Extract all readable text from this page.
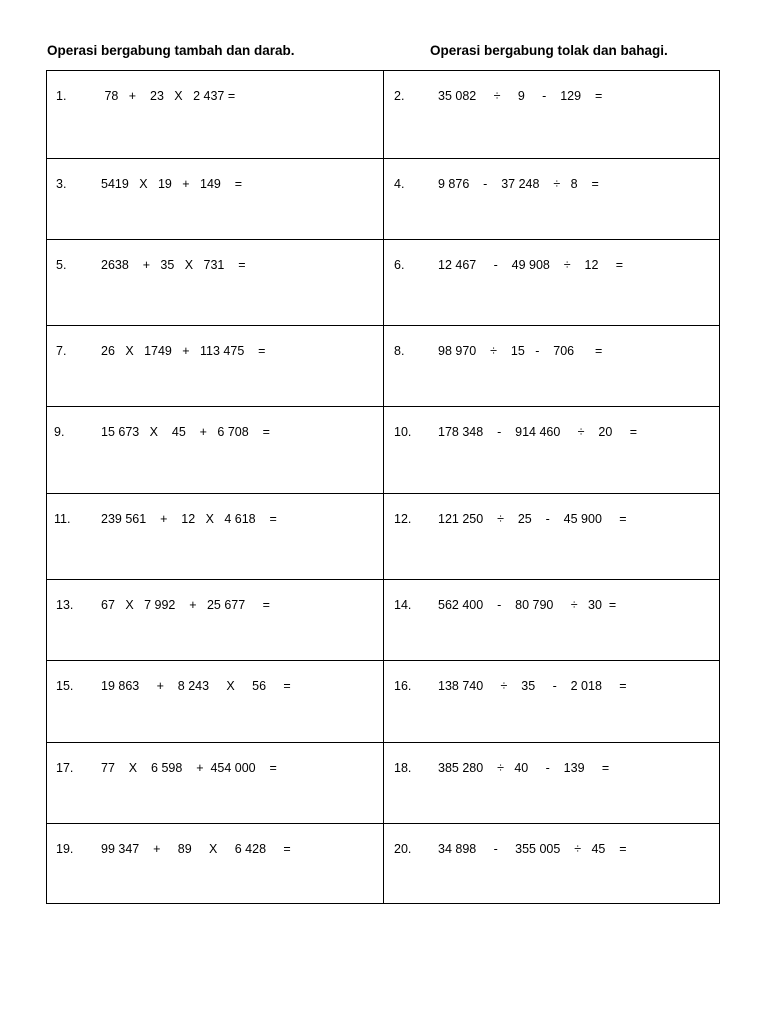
Operasi bergabung tambah dan darab.	Operasi bergabung tolak dan bahagi.
1.	78   +    23   X   2 437 =	2.	35 082     ÷     9     -    129    =
3.	5419   X   19   +   149    =	4.	9 876    -    37 248    ÷   8    =
5.	2638    +   35   X   731    =	6.	12 467     -    49 908    ÷    12     =
7.	26   X   1749   +   113 475    =	8.	98 970    ÷    15   -    706      =
9.	15 673   X    45    +   6 708    =	10. 178 348    -    914 460     ÷    20     =
11. 239 561    +    12   X   4 618    =	12. 121 250    ÷    25    -    45 900     =
13. 67   X   7 992    +   25 677     =	14. 562 400    -    80 790     ÷   30  =
15. 19 863     +    8 243     X     56     =	16. 138 740     ÷    35     -    2 018     =
17. 77    X    6 598    +  454 000    =	18. 385 280    ÷   40     -    139     =
19. 99 347    +     89     X     6 428     =	20. 34 898     -     355 005    ÷   45    =
